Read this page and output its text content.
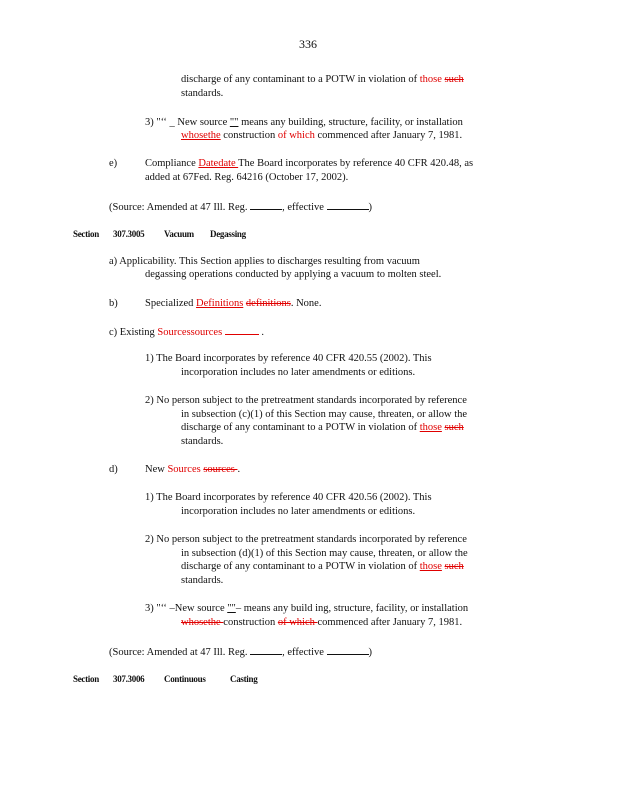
336
discharge of any contaminant to a POTW in violation of those such
standards.
3) "‘‘ _ New source "" means any building, structure, facility, or installation
whosethe construction of which commenced after January 7, 1981.
e)	Compliance Datedate The Board incorporates by reference 40 CFR 420.48, as
added at 67Fed. Reg. 64216 (October 17, 2002).
(Source: Amended at 47 Ill. Reg.	, effective	)
Section 307.3005 Vacuum Degassing
a) Applicability. This Section applies to discharges resulting from vacuum
degassing operations conducted by applying a vacuum to molten steel.
b)	Specialized Definitions definitions. None.
c) Existing Sourcessources	.
1) The Board incorporates by reference 40 CFR 420.55 (2002). This
incorporation includes no later amendments or editions.
2) No person subject to the pretreatment standards incorporated by reference
in subsection (c)(1) of this Section may cause, threaten, or allow the
discharge of any contaminant to a POTW in violation of those such
standards.
d)	New Sources sources .
1) The Board incorporates by reference 40 CFR 420.56 (2002). This
incorporation includes no later amendments or editions.
2) No person subject to the pretreatment standards incorporated by reference
in subsection (d)(1) of this Section may cause, threaten, or allow the
discharge of any contaminant to a POTW in violation of those such
standards.
3) "‘‘ –New source ""– means any build ing, structure, facility, or installation
whosethe construction of which commenced after January 7, 1981.
(Source: Amended at 47 Ill. Reg.	, effective	)
Section 307.3006 Continuous	Casting
